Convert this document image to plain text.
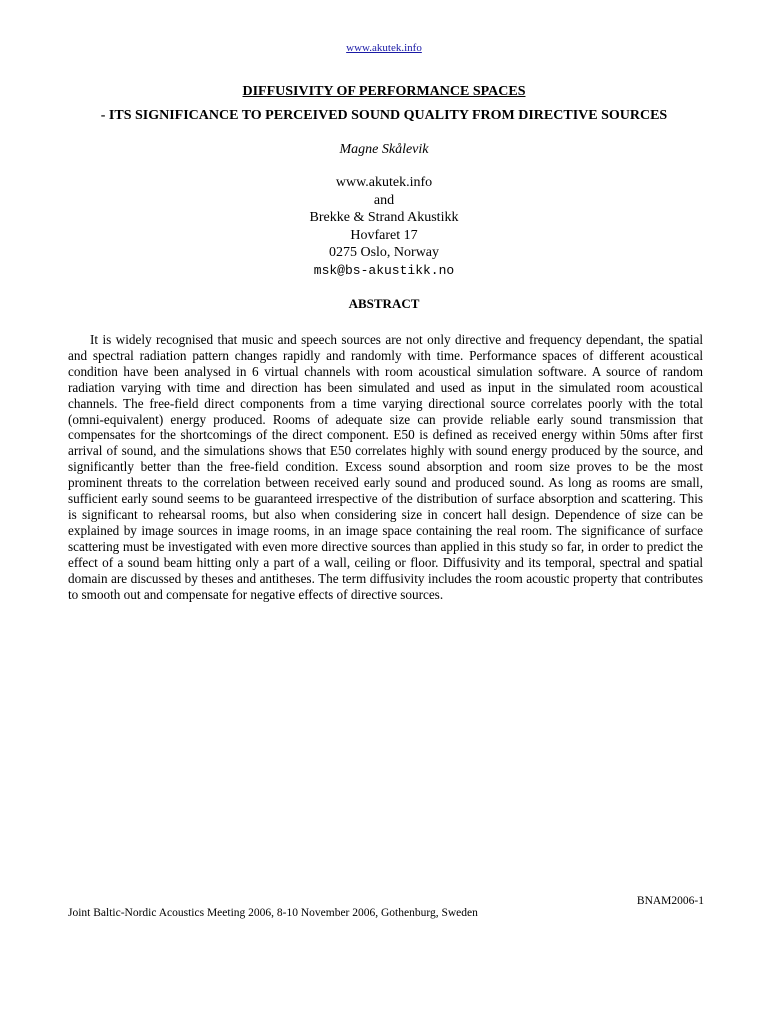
www.akutek.info
DIFFUSIVITY OF PERFORMANCE SPACES
- ITS SIGNIFICANCE TO PERCEIVED SOUND QUALITY FROM DIRECTIVE SOURCES
Magne Skålevik
www.akutek.info
and
Brekke & Strand Akustikk
Hovfaret 17
0275 Oslo, Norway
msk@bs-akustikk.no
ABSTRACT
It is widely recognised that music and speech sources are not only directive and frequency dependant, the spatial and spectral radiation pattern changes rapidly and randomly with time. Performance spaces of different acoustical condition have been analysed in 6 virtual channels with room acoustical simulation software. A source of random radiation varying with time and direction has been simulated and used as input in the simulated room acoustical channels. The free-field direct components from a time varying directional source correlates poorly with the total (omni-equivalent) energy produced. Rooms of adequate size can provide reliable early sound transmission that compensates for the shortcomings of the direct component. E50 is defined as received energy within 50ms after first arrival of sound, and the simulations shows that E50 correlates highly with sound energy produced by the source, and significantly better than the free-field condition. Excess sound absorption and room size proves to be the most prominent threats to the correlation between received early sound and produced sound. As long as rooms are small, sufficient early sound seems to be guaranteed irrespective of the distribution of surface absorption and scattering. This is significant to rehearsal rooms, but also when considering size in concert hall design. Dependence of size can be explained by image sources in image rooms, in an image space containing the real room. The significance of surface scattering must be investigated with even more directive sources than applied in this study so far, in order to predict the effect of a sound beam hitting only a part of a wall, ceiling or floor. Diffusivity and its temporal, spectral and spatial domain are discussed by theses and antitheses. The term diffusivity includes the room acoustic property that contributes to smooth out and compensate for negative effects of directive sources.
BNAM2006-1
Joint Baltic-Nordic Acoustics Meeting 2006, 8-10 November 2006, Gothenburg, Sweden
